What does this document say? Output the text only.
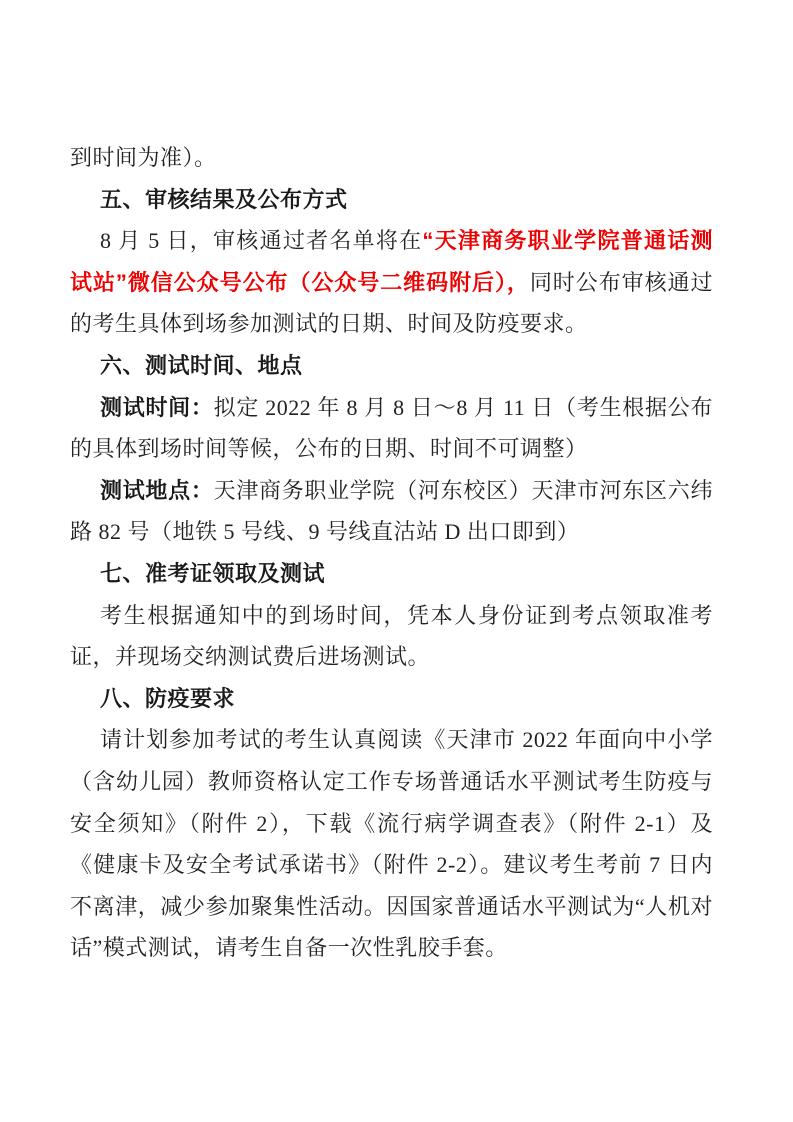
到时间为准）。

五、审核结果及公布方式

8 月 5 日，审核通过者名单将在“天津商务职业学院普通话测试站”微信公众号公布（公众号二维码附后），同时公布审核通过的考生具体到场参加测试的日期、时间及防疫要求。

六、测试时间、地点

测试时间：拟定 2022 年 8 月 8 日～8 月 11 日（考生根据公布的具体到场时间等候，公布的日期、时间不可调整）

测试地点：天津商务职业学院（河东校区）天津市河东区六纬路 82 号（地铁 5 号线、9 号线直沽站 D 出口即到）

七、准考证领取及测试

考生根据通知中的到场时间，凭本人身份证到考点领取准考证，并现场交纳测试费后进场测试。

八、防疫要求

请计划参加考试的考生认真阅读《天津市 2022 年面向中小学（含幼儿园）教师资格认定工作专场普通话水平测试考生防疫与安全须知》（附件 2），下载《流行病学调查表》（附件 2-1）及《健康卡及安全考试承诺书》（附件 2-2）。建议考生考前 7 日内不离津，减少参加聚集性活动。因国家普通话水平测试为“人机对话”模式测试，请考生自备一次性乳胶手套。
